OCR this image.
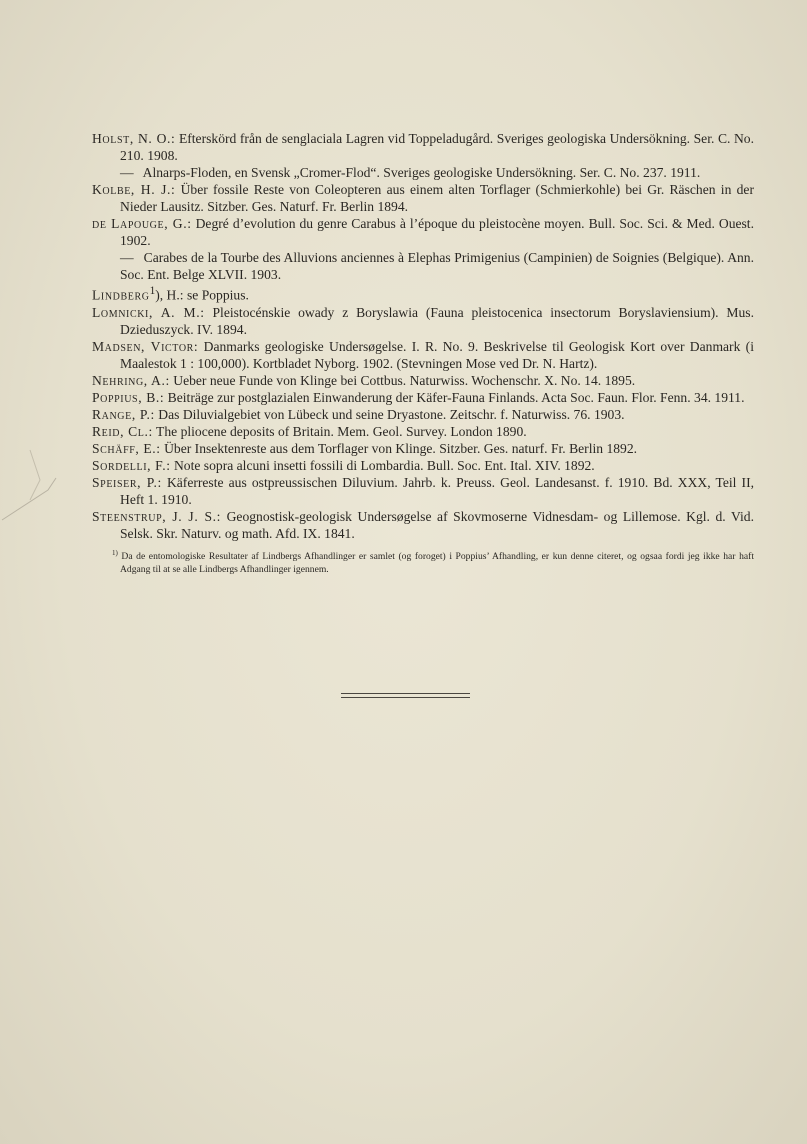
Holst, N. O.: Efterskörd från de senglaciala Lagren vid Toppeladugård. Sveriges geologiska Undersökning. Ser. C. No. 210. 1908.

— Alnarps-Floden, en Svensk „Cromer-Flod“. Sveriges geologiske Undersökning. Ser. C. No. 237. 1911.

Kolbe, H. J.: Über fossile Reste von Coleopteren aus einem alten Torflager (Schmierkohle) bei Gr. Räschen in der Nieder Lausitz. Sitzber. Ges. Naturf. Fr. Berlin 1894.

de Lapouge, G.: Degré d’evolution du genre Carabus à l’époque du pleistocène moyen. Bull. Soc. Sci. & Med. Ouest. 1902.

— Carabes de la Tourbe des Alluvions anciennes à Elephas Primigenius (Campinien) de Soignies (Belgique). Ann. Soc. Ent. Belge XLVII. 1903.

Lindberg$^1$), H.: se Poppius.

Lomnicki, A. M.: Pleistocénskie owady z Boryslawia (Fauna pleistocenica insectorum Boryslaviensium). Mus. Dzieduszyck. IV. 1894.

Madsen, Victor: Danmarks geologiske Undersøgelse. I. R. No. 9. Beskrivelse til Geologisk Kort over Danmark (i Maalestok 1 : 100,000). Kortbladet Nyborg. 1902. (Stevningen Mose ved Dr. N. Hartz).

Nehring, A.: Ueber neue Funde von Klinge bei Cottbus. Naturwiss. Wochenschr. X. No. 14. 1895.

Poppius, B.: Beiträge zur postglazialen Einwanderung der Käfer-Fauna Finlands. Acta Soc. Faun. Flor. Fenn. 34. 1911.

Range, P.: Das Diluvialgebiet von Lübeck und seine Dryastone. Zeitschr. f. Naturwiss. 76. 1903.

Reid, Cl.: The pliocene deposits of Britain. Mem. Geol. Survey. London 1890.

Schäff, E.: Über Insektenreste aus dem Torflager von Klinge. Sitzber. Ges. naturf. Fr. Berlin 1892.

Sordelli, F.: Note sopra alcuni insetti fossili di Lombardia. Bull. Soc. Ent. Ital. XIV. 1892.

Speiser, P.: Käferreste aus ostpreussischen Diluvium. Jahrb. k. Preuss. Geol. Landesanst. f. 1910. Bd. XXX, Teil II, Heft 1. 1910.

Steenstrup, J. J. S.: Geognostisk-geologisk Undersøgelse af Skovmoserne Vidnesdam- og Lillemose. Kgl. d. Vid. Selsk. Skr. Naturv. og math. Afd. IX. 1841.

$^{1)}$ Da de entomologiske Resultater af Lindbergs Afhandlinger er samlet (og foroget) i Poppius’ Afhandling, er kun denne citeret, og ogsaa fordi jeg ikke har haft Adgang til at se alle Lindbergs Afhandlinger igennem.
